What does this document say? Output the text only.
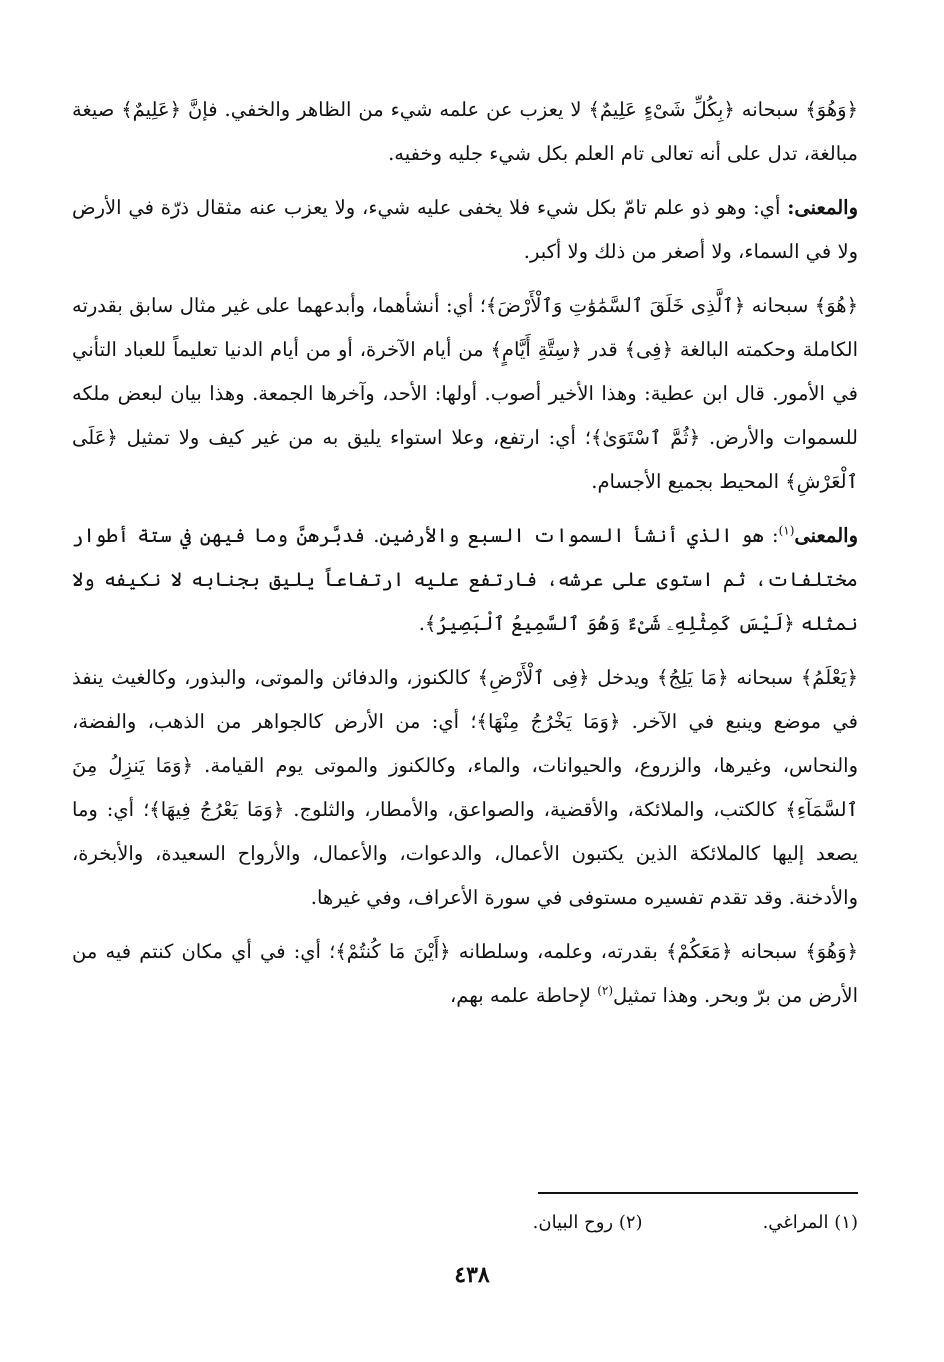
﴿وَهُوَ﴾ سبحانه ﴿بِكُلِّ شَىْءٍ عَلِيمٌ﴾ لا يعزب عن علمه شيء من الظاهر والخفي. فإنَّ ﴿عَلِيمٌ﴾ صيغة مبالغة، تدل على أنه تعالى تام العلم بكل شيء جليه وخفيه.

والمعنى: أي: وهو ذو علم تامّ بكل شيء فلا يخفى عليه شيء، ولا يعزب عنه مثقال ذرّة في الأرض ولا في السماء، ولا أصغر من ذلك ولا أكبر.

﴿هُوَ﴾ سبحانه ﴿ٱلَّذِى خَلَقَ ٱلسَّمَٰوَٰتِ وَٱلْأَرْضَ﴾؛ أي: أنشأهما، وأبدعهما على غير مثال سابق بقدرته الكاملة وحكمته البالغة ﴿فِى﴾ قدر ﴿سِتَّةِ أَيَّامٍ﴾ من أيام الآخرة، أو من أيام الدنيا تعليماً للعباد التأني في الأمور. قال ابن عطية: وهذا الأخير أصوب. أولها: الأحد، وآخرها الجمعة. وهذا بيان لبعض ملكه للسموات والأرض. ﴿ثُمَّ ٱسْتَوَىٰ﴾؛ أي: ارتفع، وعلا استواء يليق به من غير كيف ولا تمثيل ﴿عَلَى ٱلْعَرْشِ﴾ المحيط بجميع الأجسام.

والمعنى$^{(١)}$: هو الذي أنشأ السموات السبع والأرضين. فدبَّرهنَّ وما فيهن في ستة أطوار مختلفات، ثم استوى على عرشه، فارتفع عليه ارتفاعاً يليق بجنابه لا نكيفه ولا نمثله ﴿لَيْسَ كَمِثْلِهِۦ شَىْءٌ وَهُوَ ٱلسَّمِيعُ ٱلْبَصِيرُ﴾.

﴿يَعْلَمُ﴾ سبحانه ﴿مَا يَلِجُ﴾ ويدخل ﴿فِى ٱلْأَرْضِ﴾ كالكنوز، والدفائن والموتى، والبذور، وكالغيث ينفذ في موضع وينبع في الآخر. ﴿وَمَا يَخْرُجُ مِنْهَا﴾؛ أي: من الأرض كالجواهر من الذهب، والفضة، والنحاس، وغيرها، والزروع، والحيوانات، والماء، وكالكنوز والموتى يوم القيامة. ﴿وَمَا يَنزِلُ مِنَ ٱلسَّمَآءِ﴾ كالكتب، والملائكة، والأقضية، والصواعق، والأمطار، والثلوج. ﴿وَمَا يَعْرُجُ فِيهَا﴾؛ أي: وما يصعد إليها كالملائكة الذين يكتبون الأعمال، والدعوات، والأعمال، والأرواح السعيدة، والأبخرة، والأدخنة. وقد تقدم تفسيره مستوفى في سورة الأعراف، وفي غيرها.

﴿وَهُوَ﴾ سبحانه ﴿مَعَكُمْ﴾ بقدرته، وعلمه، وسلطانه ﴿أَيْنَ مَا كُنتُمْ﴾؛ أي: في أي مكان كنتم فيه من الأرض من برّ وبحر. وهذا تمثيل$^{(٢)}$ لإحاطة علمه بهم،

(١) المراغي.
(٢) روح البيان.
٤٣٨
